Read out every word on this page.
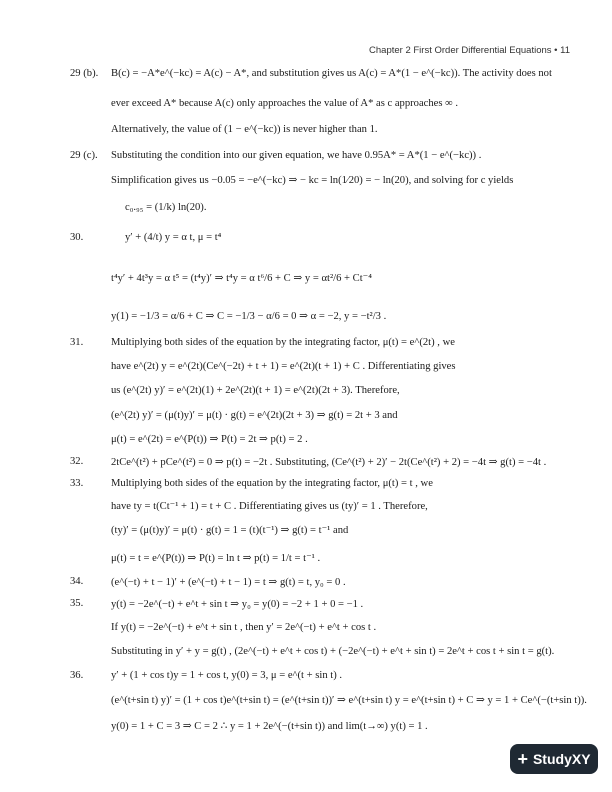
Chapter 2 First Order Differential Equations • 11
29 (b).	B(c) = −A*e^(−kc) = A(c) − A*, and substitution gives us A(c) = A*(1 − e^(−kc)). The activity does not
ever exceed A* because A(c) only approaches the value of A* as c approaches ∞ .
Alternatively, the value of (1 − e^(−kc)) is never higher than 1.
29 (c).	Substituting the condition into our given equation, we have 0.95A* = A*(1 − e^(−kc)) .
Simplification gives us −0.05 = −e^(−kc) ⇒ − kc = ln(1⁄20) = − ln(20), and solving for c yields
c₀.₉₅ = (1/k) ln(20).
30.	y′ + (4/t) y = α t, μ = t⁴
t⁴y′ + 4t³y = α t⁵ = (t⁴y)′ ⇒ t⁴y = α t⁶/6 + C ⇒ y = αt²/6 + Ct⁻⁴
y(1) = −1/3 = α/6 + C ⇒ C = −1/3 − α/6 = 0 ⇒ α = −2, y = −t²/3 .
31.	Multiplying both sides of the equation by the integrating factor, μ(t) = e^(2t) , we
have e^(2t) y = e^(2t)(Ce^(−2t) + t + 1) = e^(2t)(t + 1) + C . Differentiating gives
us (e^(2t) y)′ = e^(2t)(1) + 2e^(2t)(t + 1) = e^(2t)(2t + 3). Therefore,
(e^(2t) y)′ = (μ(t)y)′ = μ(t) · g(t) = e^(2t)(2t + 3) ⇒ g(t) = 2t + 3 and
μ(t) = e^(2t) = e^(P(t)) ⇒ P(t) = 2t ⇒ p(t) = 2 .
32.	2tCe^(t²) + pCe^(t²) = 0 ⇒ p(t) = −2t . Substituting, (Ce^(t²) + 2)′ − 2t(Ce^(t²) + 2) = −4t ⇒ g(t) = −4t .
33.	Multiplying both sides of the equation by the integrating factor, μ(t) = t , we
have ty = t(Ct⁻¹ + 1) = t + C . Differentiating gives us (ty)′ = 1 . Therefore,
(ty)′ = (μ(t)y)′ = μ(t) · g(t) = 1 = (t)(t⁻¹) ⇒ g(t) = t⁻¹ and
μ(t) = t = e^(P(t)) ⇒ P(t) = ln t ⇒ p(t) = 1/t = t⁻¹ .
34.	(e^(−t) + t − 1)′ + (e^(−t) + t − 1) = t ⇒ g(t) = t, y₀ = 0 .
35.	y(t) = −2e^(−t) + e^t + sin t ⇒ y₀ = y(0) = −2 + 1 + 0 = −1 .
If y(t) = −2e^(−t) + e^t + sin t , then y′ = 2e^(−t) + e^t + cos t .
Substituting in y′ + y = g(t) , (2e^(−t) + e^t + cos t) + (−2e^(−t) + e^t + sin t) = 2e^t + cos t + sin t = g(t).
36.	y′ + (1 + cos t)y = 1 + cos t, y(0) = 3, μ = e^(t + sin t) .
(e^(t+sin t) y)′ = (1 + cos t)e^(t+sin t) = (e^(t+sin t))′ ⇒ e^(t+sin t) y = e^(t+sin t) + C ⇒ y = 1 + Ce^(−(t+sin t)).
y(0) = 1 + C = 3 ⇒ C = 2 ∴ y = 1 + 2e^(−(t+sin t)) and lim(t→∞) y(t) = 1 .
+ StudyXY
